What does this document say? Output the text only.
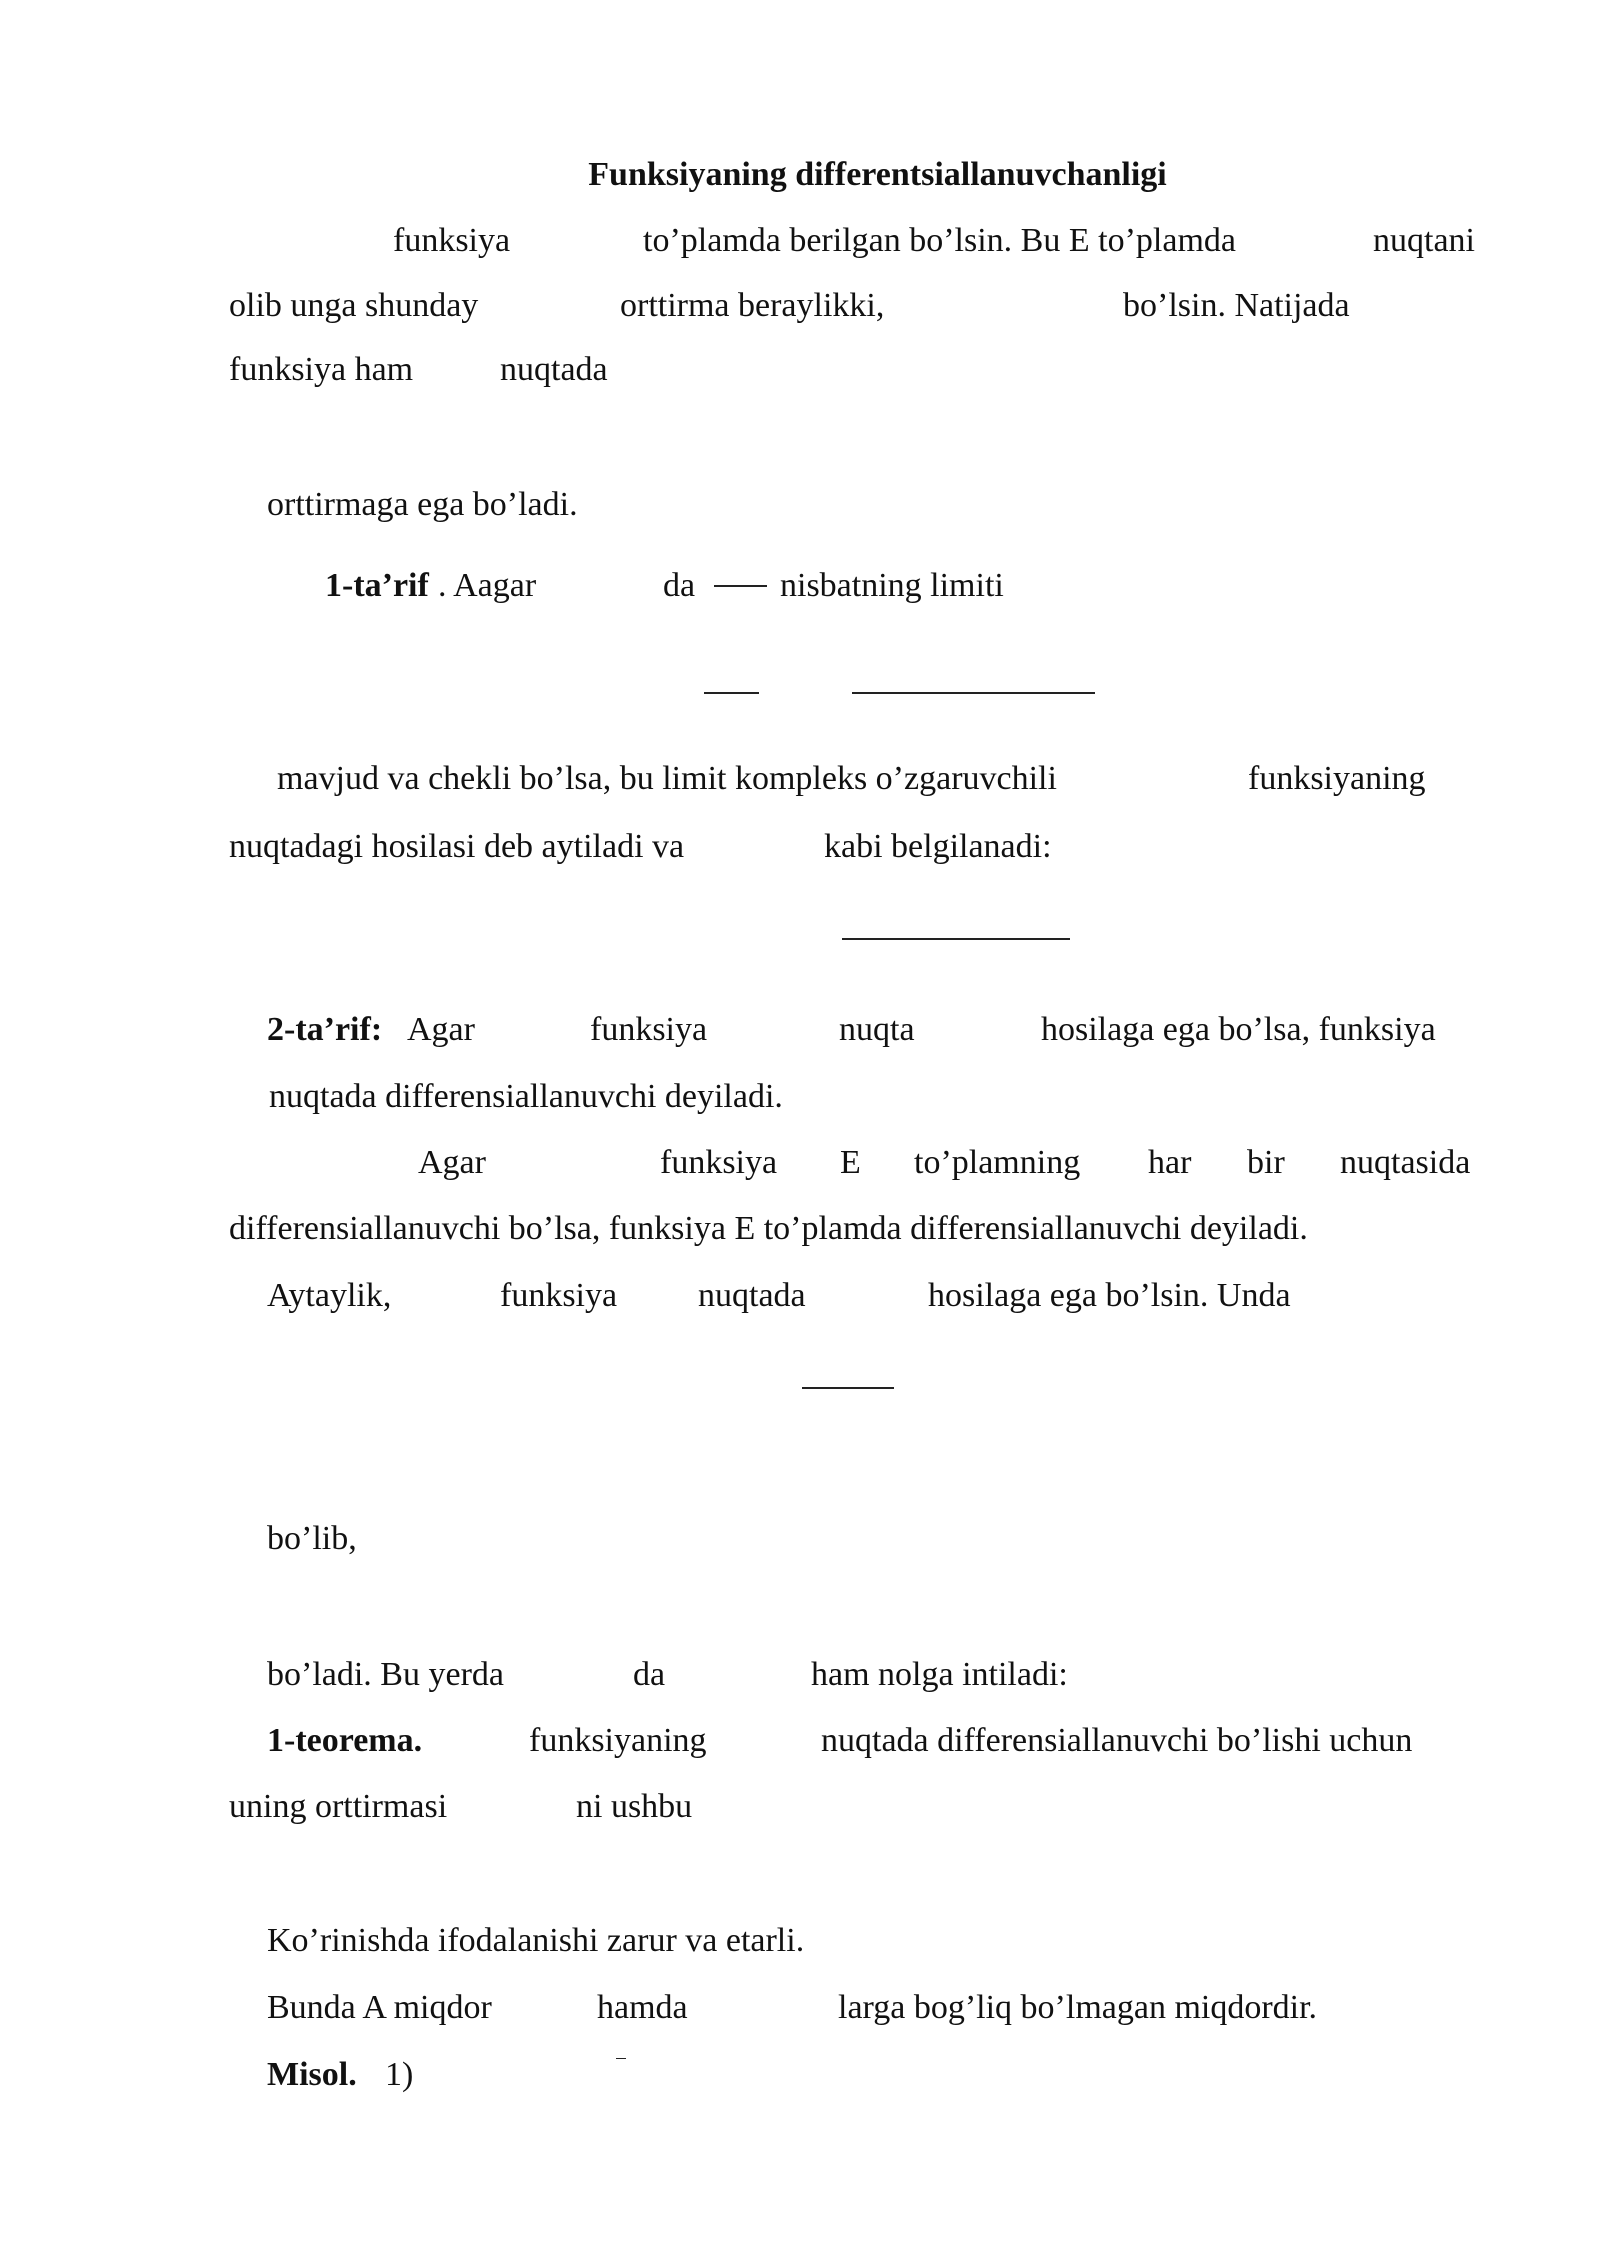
Funksiyaning differentsiallanuvchanligi
funksiya	to’plamda berilgan bo’lsin. Bu E to’plamda	nuqtani
olib unga shunday	orttirma beraylikki,	bo’lsin. Natijada
funksiya ham	nuqtada
orttirmaga ega bo’ladi.
1-ta’rif . Aagar	da nisbatning limiti
mavjud va chekli bo’lsa, bu limit kompleks o’zgaruvchili	funksiyaning
nuqtadagi hosilasi deb aytiladi va	kabi belgilanadi:
2-ta’rif: Agar	funksiya	nuqta	hosilaga ega bo’lsa, funksiya
nuqtada differensiallanuvchi deyiladi.
Agar	funksiya E to’plamning har bir nuqtasida
differensiallanuvchi bo’lsa, funksiya E to’plamda differensiallanuvchi deyiladi.
Aytaylik,	funksiya nuqtada	hosilaga ega bo’lsin. Unda
bo’lib,
bo’ladi. Bu yerda	da	ham nolga intiladi:
1-teorema.	funksiyaning	nuqtada differensiallanuvchi bo’lishi uchun
uning orttirmasi	ni ushbu
Ko’rinishda ifodalanishi zarur va etarli.
Bunda A miqdor	hamda	larga bog’liq bo’lmagan miqdordir.
Misol. 1)
